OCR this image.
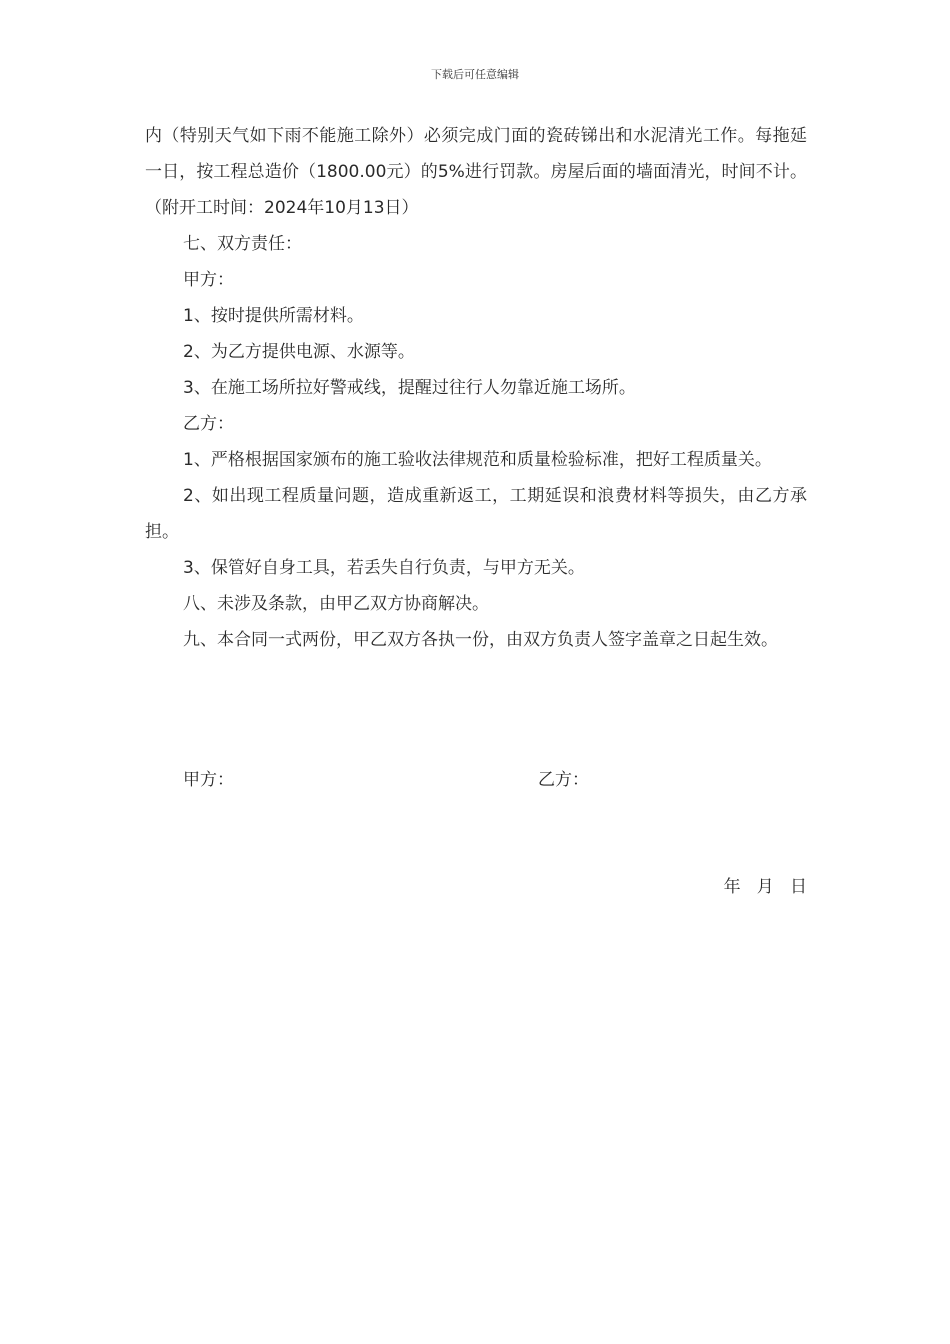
下载后可任意编辑

内（特别天气如下雨不能施工除外）必须完成门面的瓷砖锑出和水泥清光工作。每拖延一日，按工程总造价（1800.00元）的5%进行罚款。房屋后面的墙面清光，时间不计。（附开工时间：2024年10月13日）

七、双方责任：

甲方：

1、按时提供所需材料。

2、为乙方提供电源、水源等。

3、在施工场所拉好警戒线，提醒过往行人勿靠近施工场所。

乙方：

1、严格根据国家颁布的施工验收法律规范和质量检验标准，把好工程质量关。

2、如出现工程质量问题，造成重新返工，工期延误和浪费材料等损失，由乙方承担。

3、保管好自身工具，若丢失自行负责，与甲方无关。

八、未涉及条款，由甲乙双方协商解决。

九、本合同一式两份，甲乙双方各执一份，由双方负责人签字盖章之日起生效。

甲方：	乙方：
年   月   日
